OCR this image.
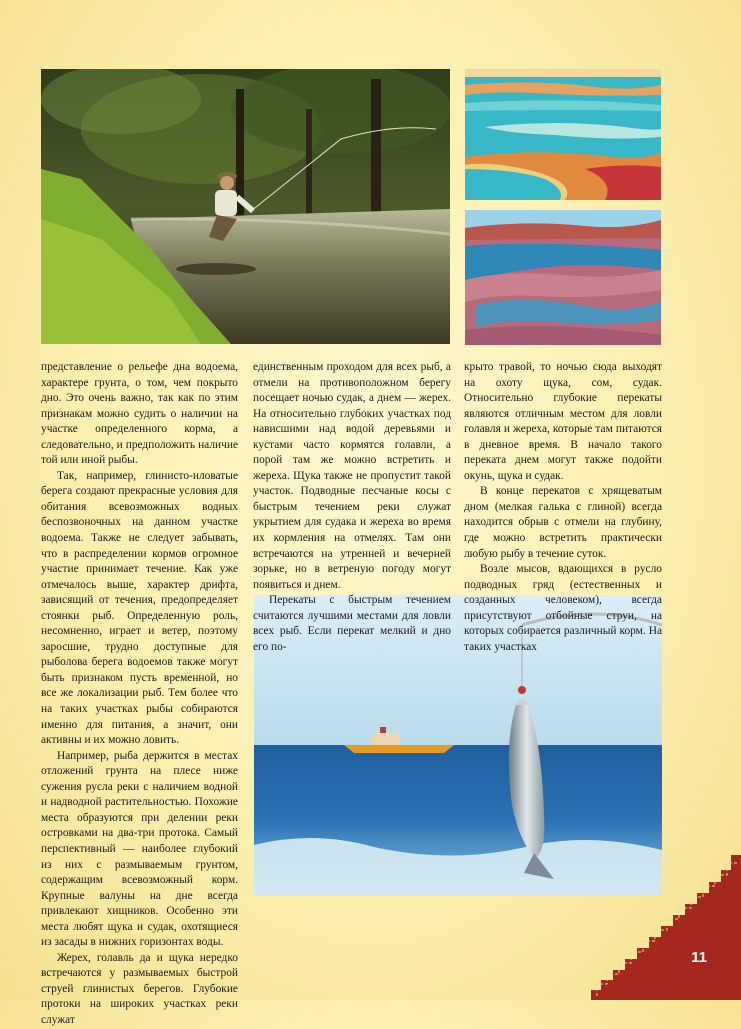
представление о рельефе дна водоема, характере грунта, о том, чем покрыто дно. Это очень важно, так как по этим признакам можно судить о наличии на участке определенного корма, а следовательно, и предположить наличие той или иной рыбы.

Так, например, глинисто-иловатые берега создают прекрасные условия для обитания всевозможных водных беспозвоночных на данном участке водоема. Также не следует забывать, что в распределении кормов огромное участие принимает течение. Как уже отмечалось выше, характер дрифта, зависящий от течения, предопределяет стоянки рыб. Определенную роль, несомненно, играет и ветер, поэтому заросшие, трудно доступные для рыболова берега водоемов также могут быть признаком пусть временной, но все же локализации рыб. Тем более что на таких участках рыбы собираются именно для питания, а значит, они активны и их можно ловить.

Например, рыба держится в местах отложений грунта на плесе ниже сужения русла реки с наличием водной и надводной растительностью. Похожие места образуются при делении реки островками на два-три протока. Самый перспективный — наиболее глубокий из них с размываемым грунтом, содержащим всевозможный корм. Крупные валуны на дне всегда привлекают хищников. Особенно эти места любят щука и судак, охотящиеся из засады в нижних горизонтах воды.

Жерех, голавль да и щука нередко встречаются у размываемых быстрой струей глинистых берегов. Глубокие протоки на широких участках реки служат

единственным проходом для всех рыб, а отмели на противоположном берегу посещает ночью судак, а днем — жерех. На относительно глубоких участках под нависшими над водой деревьями и кустами часто кормятся голавли, а порой там же можно встретить и жереха. Щука также не пропустит такой участок. Подводные песчаные косы с быстрым течением реки служат укрытием для судака и жереха во время их кормления на отмелях. Там они встречаются на утренней и вечерней зорьке, но в ветреную погоду могут появиться и днем.

Перекаты с быстрым течением считаются лучшими местами для ловли всех рыб. Если перекат мелкий и дно его по-

крыто травой, то ночью сюда выходят на охоту щука, сом, судак. Относительно глубокие перекаты являются отличным местом для ловли голавля и жереха, которые там питаются в дневное время. В начало такого переката днем могут также подойти окунь, щука и судак.

В конце перекатов с хрящеватым дном (мелкая галька с глиной) всегда находится обрыв с отмели на глубину, где можно встретить практически любую рыбу в течение суток.

Возле мысов, вдающихся в русло подводных гряд (естественных и созданных человеком), всегда присутствуют отбойные струи, на которых собирается различный корм. На таких участках

11
